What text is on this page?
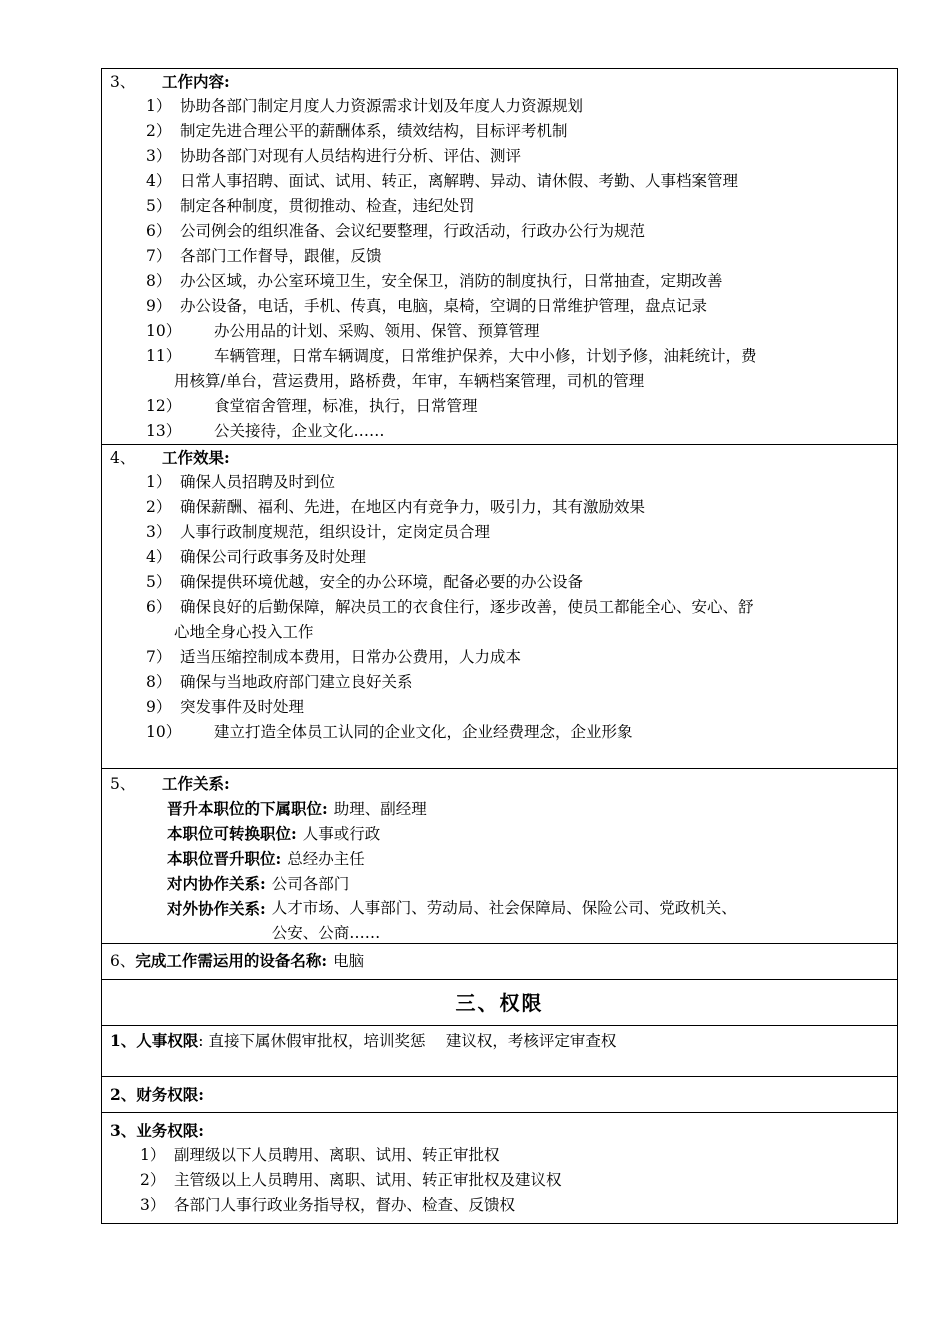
3、 工作内容:
1） 协助各部门制定月度人力资源需求计划及年度人力资源规划
2） 制定先进合理公平的薪酬体系，绩效结构，目标评考机制
3） 协助各部门对现有人员结构进行分析、评估、测评
4） 日常人事招聘、面试、试用、转正，离解聘、异动、请休假、考勤、人事档案管理
5） 制定各种制度，贯彻推动、检查，违纪处罚
6） 公司例会的组织准备、会议纪要整理，行政活动，行政办公行为规范
7） 各部门工作督导，跟催，反馈
8） 办公区域，办公室环境卫生，安全保卫，消防的制度执行，日常抽查，定期改善
9） 办公设备，电话，手机、传真，电脑，桌椅，空调的日常维护管理，盘点记录
10）	办公用品的计划、采购、领用、保管、预算管理
11）	车辆管理，日常车辆调度，日常维护保养，大中小修，计划予修，油耗统计，费
用核算/单台，营运费用，路桥费，年审，车辆档案管理，司机的管理
12）	食堂宿舍管理，标准，执行，日常管理
13）	公关接待，企业文化……
4、 工作效果:
1） 确保人员招聘及时到位
2） 确保薪酬、福利、先进，在地区内有竞争力，吸引力，其有激励效果
3） 人事行政制度规范，组织设计，定岗定员合理
4） 确保公司行政事务及时处理
5） 确保提供环境优越，安全的办公环境，配备必要的办公设备
6） 确保良好的后勤保障，解决员工的衣食住行，逐步改善，使员工都能全心、安心、舒
心地全身心投入工作
7） 适当压缩控制成本费用，日常办公费用，人力成本
8） 确保与当地政府部门建立良好关系
9） 突发事件及时处理
10）	建立打造全体员工认同的企业文化，企业经费理念，企业形象
5、 工作关系:
晋升本职位的下属职位: 助理、副经理
本职位可转换职位: 人事或行政
本职位晋升职位: 总经办主任
对内协作关系: 公司各部门
对外协作关系: 人才市场、人事部门、劳动局、社会保障局、保险公司、党政机关、
公安、公商……
6、完成工作需运用的设备名称: 电脑
三、权限
1、人事权限: 直接下属休假审批权，培训奖惩　 建议权，考核评定审查权
2、财务权限:
3、业务权限:
1） 副理级以下人员聘用、离职、试用、转正审批权
2） 主管级以上人员聘用、离职、试用、转正审批权及建议权
3） 各部门人事行政业务指导权，督办、检查、反馈权
